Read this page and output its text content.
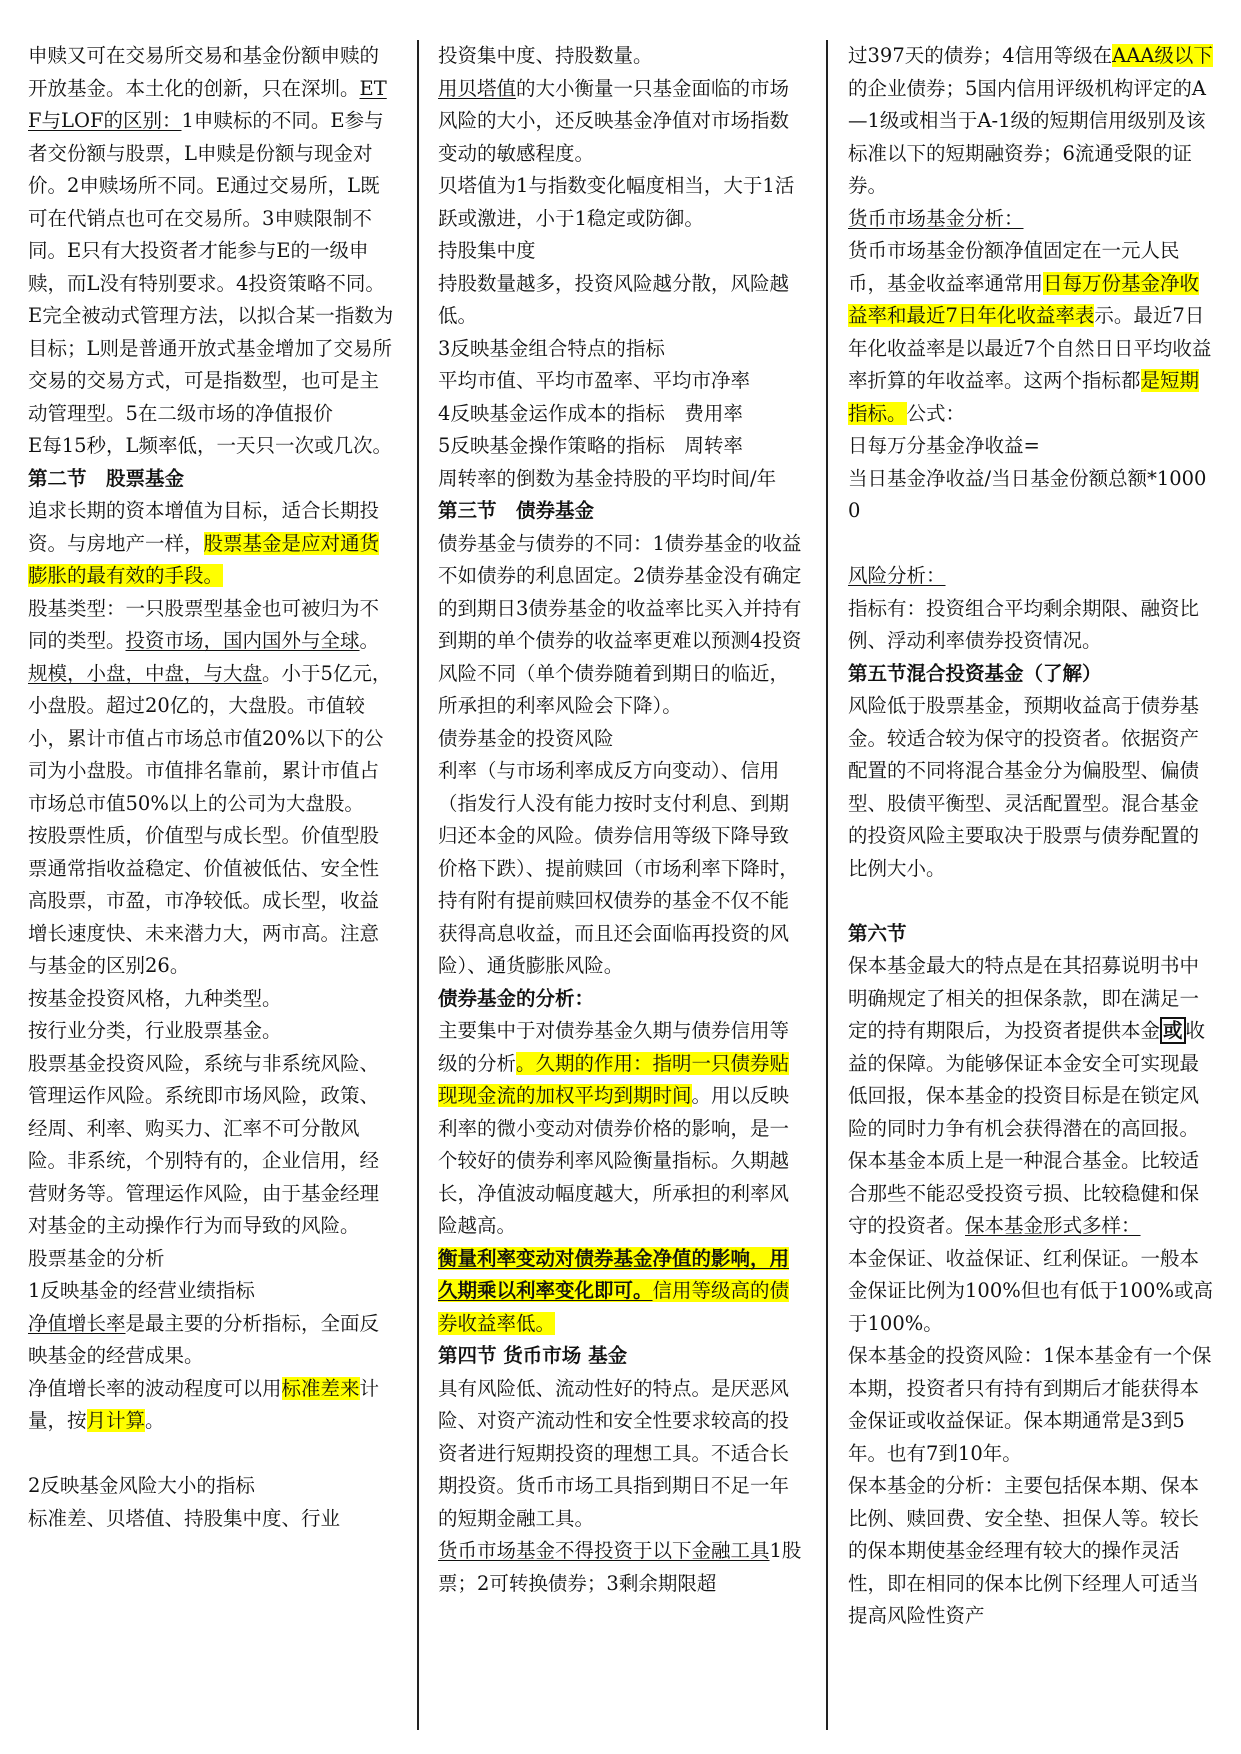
申赎又可在交易所交易和基金份额申赎的开放基金。本土化的创新，只在深圳。ETF与LOF的区别：1申赎标的不同。E参与者交份额与股票，L申赎是份额与现金对价。2申赎场所不同。E通过交易所，L既可在代销点也可在交易所。3申赎限制不同。E只有大投资者才能参与E的一级申赎，而L没有特别要求。4投资策略不同。E完全被动式管理方法，以拟合某一指数为目标；L则是普通开放式基金增加了交易所交易的交易方式，可是指数型，也可是主动管理型。5在二级市场的净值报价
E每15秒，L频率低，一天只一次或几次。
第二节　股票基金
追求长期的资本增值为目标，适合长期投资。与房地产一样，股票基金是应对通货膨胀的最有效的手段。
股基类型：一只股票型基金也可被归为不同的类型。投资市场，国内国外与全球。规模，小盘，中盘，与大盘。小于5亿元，小盘股。超过20亿的，大盘股。市值较小，累计市值占市场总市值20%以下的公司为小盘股。市值排名靠前，累计市值占市场总市值50%以上的公司为大盘股。
按股票性质，价值型与成长型。价值型股票通常指收益稳定、价值被低估、安全性高股票，市盈，市净较低。成长型，收益增长速度快、未来潜力大，两市高。注意与基金的区别26。
按基金投资风格，九种类型。
按行业分类，行业股票基金。
股票基金投资风险，系统与非系统风险、管理运作风险。系统即市场风险，政策、经周、利率、购买力、汇率不可分散风险。非系统，个别特有的，企业信用，经营财务等。管理运作风险，由于基金经理对基金的主动操作行为而导致的风险。
股票基金的分析
1反映基金的经营业绩指标
净值增长率是最主要的分析指标，全面反映基金的经营成果。
净值增长率的波动程度可以用标准差来计量，按月计算。
2反映基金风险大小的指标
标准差、贝塔值、持股集中度、行业
投资集中度、持股数量。
用贝塔值的大小衡量一只基金面临的市场风险的大小，还反映基金净值对市场指数变动的敏感程度。
贝塔值为1与指数变化幅度相当，大于1活跃或激进，小于1稳定或防御。
持股集中度
持股数量越多，投资风险越分散，风险越低。
3反映基金组合特点的指标
平均市值、平均市盈率、平均市净率
4反映基金运作成本的指标　费用率
5反映基金操作策略的指标　周转率
周转率的倒数为基金持股的平均时间/年
第三节　债券基金
债券基金与债券的不同：1债券基金的收益不如债券的利息固定。2债券基金没有确定的到期日3债券基金的收益率比买入并持有到期的单个债券的收益率更难以预测4投资风险不同（单个债券随着到期日的临近，所承担的利率风险会下降）。
债券基金的投资风险
利率（与市场利率成反方向变动）、信用（指发行人没有能力按时支付利息、到期归还本金的风险。债券信用等级下降导致价格下跌）、提前赎回（市场利率下降时，持有附有提前赎回权债券的基金不仅不能获得高息收益，而且还会面临再投资的风险）、通货膨胀风险。
债券基金的分析：
主要集中于对债券基金久期与债券信用等级的分析。久期的作用：指明一只债券贴现现金流的加权平均到期时间。用以反映利率的微小变动对债券价格的影响，是一个较好的债券利率风险衡量指标。久期越长，净值波动幅度越大，所承担的利率风险越高。
衡量利率变动对债券基金净值的影响，用久期乘以利率变化即可。信用等级高的债券收益率低。
第四节 货币市场 基金
具有风险低、流动性好的特点。是厌恶风险、对资产流动性和安全性要求较高的投资者进行短期投资的理想工具。不适合长期投资。货币市场工具指到期日不足一年的短期金融工具。
货币市场基金不得投资于以下金融工具1股票；2可转换债券；3剩余期限超
过397天的债券；4信用等级在AAA级以下的企业债券；5国内信用评级机构评定的A—1级或相当于A-1级的短期信用级别及该标准以下的短期融资券；6流通受限的证券。
货币市场基金分析：
货币市场基金份额净值固定在一元人民币，基金收益率通常用日每万份基金净收益率和最近7日年化收益率表示。最近7日年化收益率是以最近7个自然日日平均收益率折算的年收益率。这两个指标都是短期指标。公式：
日每万分基金净收益=
当日基金净收益/当日基金份额总额*10000
风险分析：
指标有：投资组合平均剩余期限、融资比例、浮动利率债券投资情况。
第五节混合投资基金（了解）
风险低于股票基金，预期收益高于债券基金。较适合较为保守的投资者。依据资产配置的不同将混合基金分为偏股型、偏债型、股债平衡型、灵活配置型。混合基金的投资风险主要取决于股票与债券配置的比例大小。
第六节
保本基金最大的特点是在其招募说明书中明确规定了相关的担保条款，即在满足一定的持有期限后，为投资者提供本金 或 收益的保障。为能够保证本金安全可实现最低回报，保本基金的投资目标是在锁定风险的同时力争有机会获得潜在的高回报。保本基金本质上是一种混合基金。比较适合那些不能忍受投资亏损、比较稳健和保守的投资者。保本基金形式多样：
本金保证、收益保证、红利保证。一般本金保证比例为100%但也有低于100%或高于100%。
保本基金的投资风险：1保本基金有一个保本期，投资者只有持有到期后才能获得本金保证或收益保证。保本期通常是3到5年。也有7到10年。
保本基金的分析：主要包括保本期、保本比例、赎回费、安全垫、担保人等。较长的保本期使基金经理有较大的操作灵活性，即在相同的保本比例下经理人可适当提高风险性资产
